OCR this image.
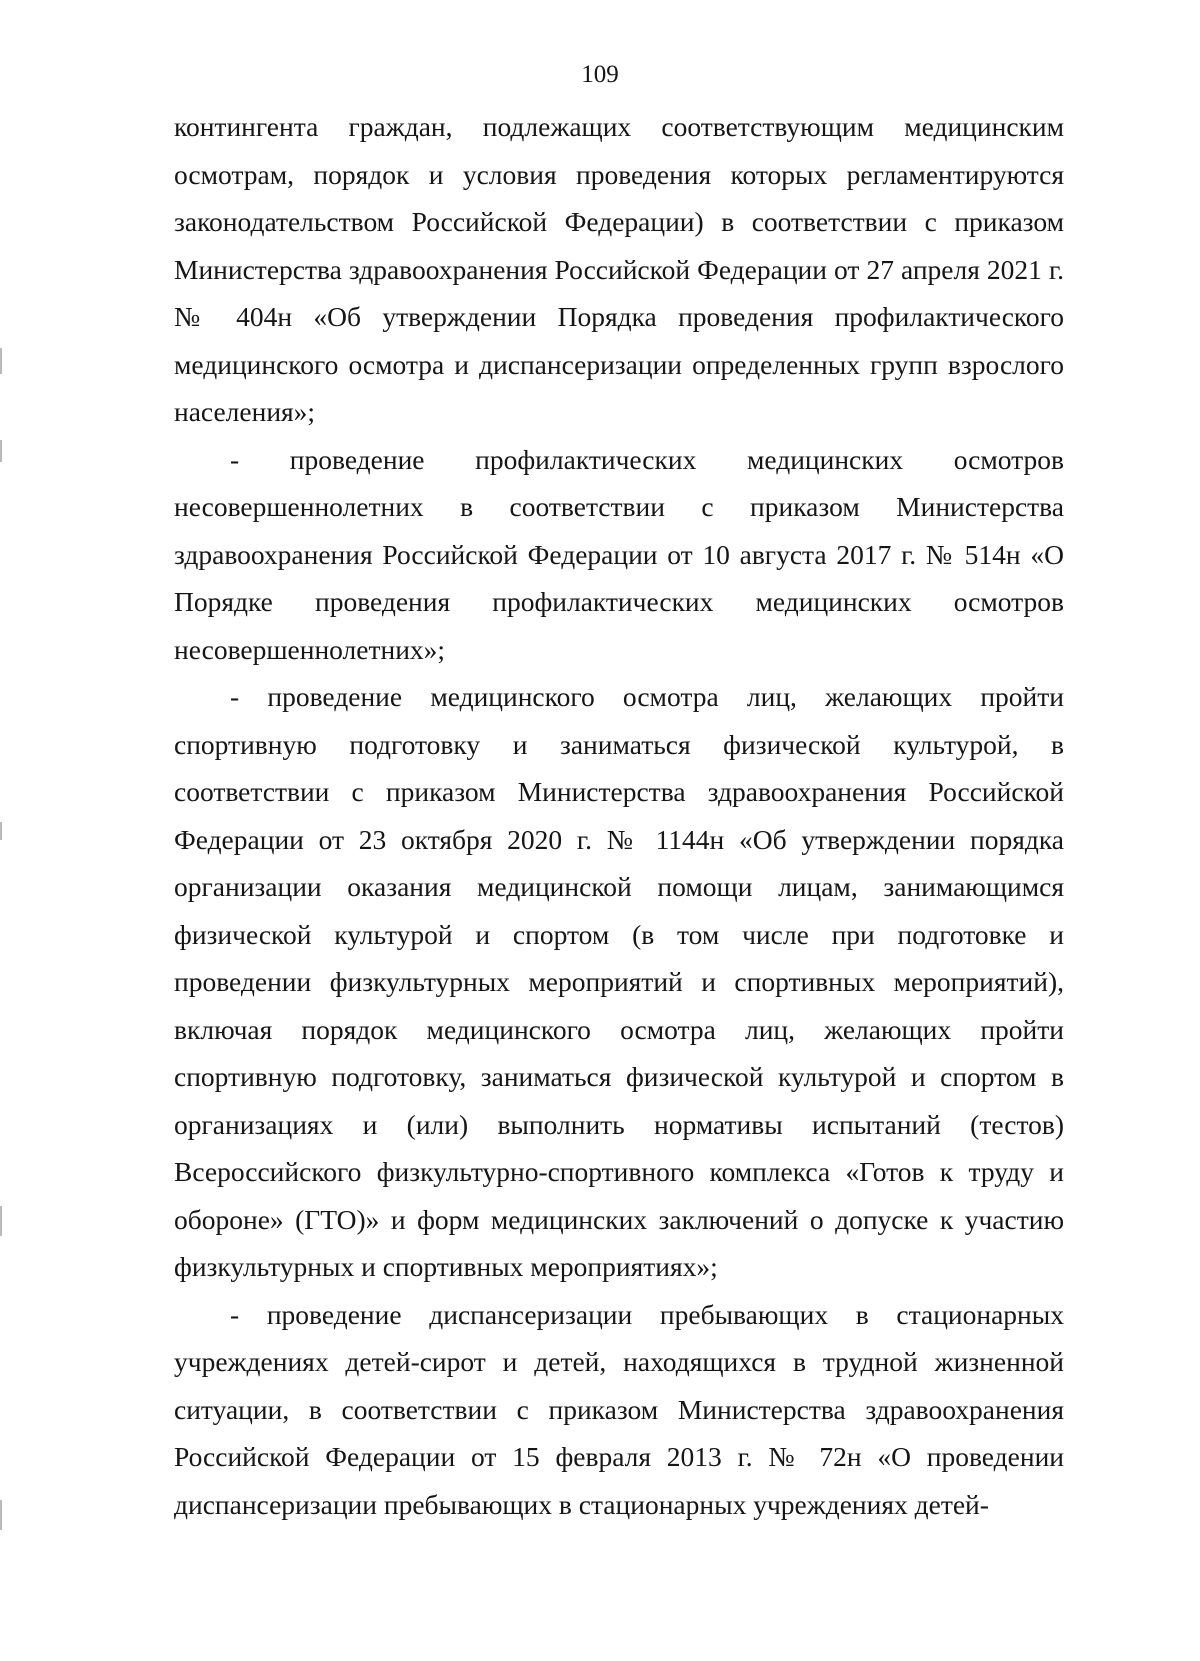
109

контингента граждан, подлежащих соответствующим медицинским осмотрам, порядок и условия проведения которых регламентируются законодательством Российской Федерации) в соответствии с приказом Министерства здравоохранения Российской Федерации от 27 апреля 2021 г. № 404н «Об утверждении Порядка проведения профилактического медицинского осмотра и диспансеризации определенных групп взрослого населения»;

- проведение профилактических медицинских осмотров несовершеннолетних в соответствии с приказом Министерства здравоохранения Российской Федерации от 10 августа 2017 г. № 514н «О Порядке проведения профилактических медицинских осмотров несовершеннолетних»;

- проведение медицинского осмотра лиц, желающих пройти спортивную подготовку и заниматься физической культурой, в соответствии с приказом Министерства здравоохранения Российской Федерации от 23 октября 2020 г. № 1144н «Об утверждении порядка организации оказания медицинской помощи лицам, занимающимся физической культурой и спортом (в том числе при подготовке и проведении физкультурных мероприятий и спортивных мероприятий), включая порядок медицинского осмотра лиц, желающих пройти спортивную подготовку, заниматься физической культурой и спортом в организациях и (или) выполнить нормативы испытаний (тестов) Всероссийского физкультурно-спортивного комплекса «Готов к труду и обороне» (ГТО)» и форм медицинских заключений о допуске к участию физкультурных и спортивных мероприятиях»;

- проведение диспансеризации пребывающих в стационарных учреждениях детей-сирот и детей, находящихся в трудной жизненной ситуации, в соответствии с приказом Министерства здравоохранения Российской Федерации от 15 февраля 2013 г. № 72н «О проведении диспансеризации пребывающих в стационарных учреждениях детей-
